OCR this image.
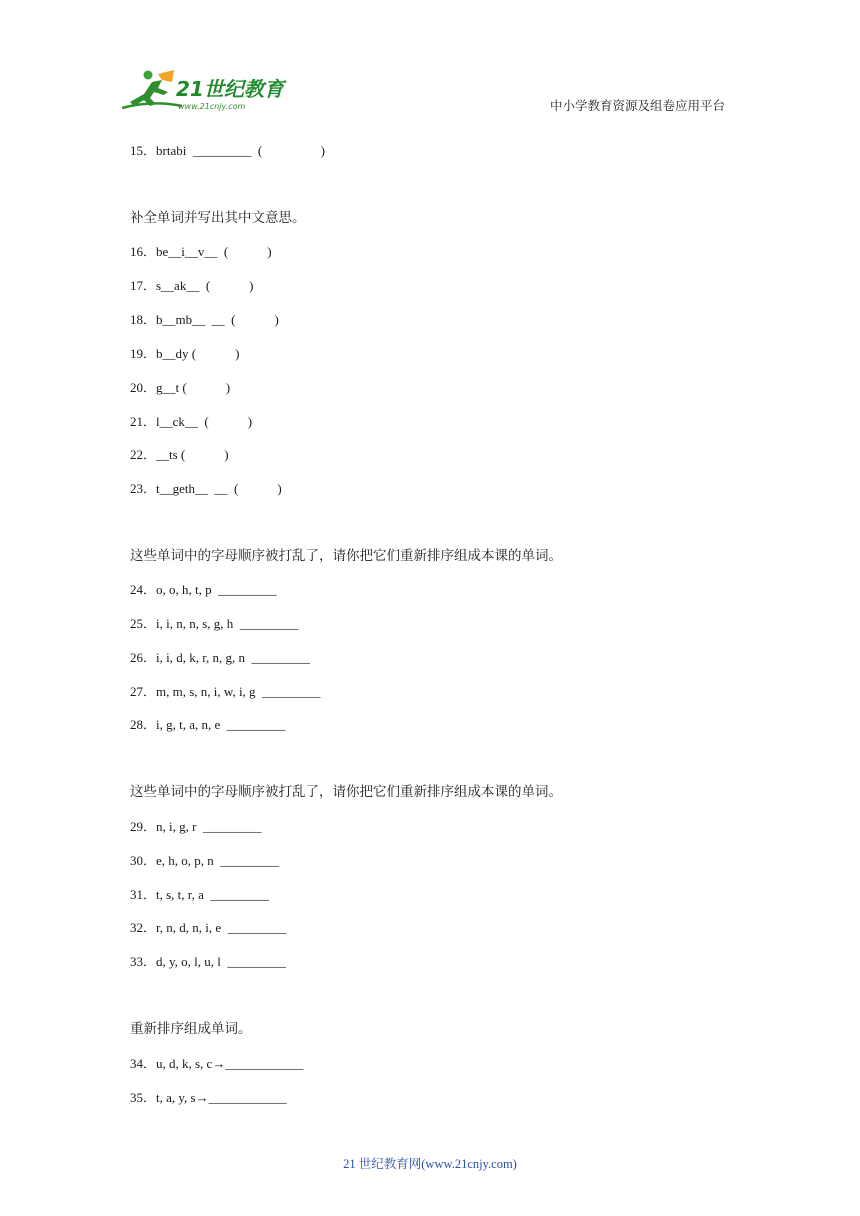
21世纪教育
www.21cnjy.com	中小学教育资源及组卷应用平台
15．brtabi  _________  (                  )
补全单词并写出其中文意思。
16．be__i__v__  (            )
17．s__ak__  (            )
18．b__mb__  __  (            )
19．b__dy (            )
20．g__t (            )
21．l__ck__  (            )
22．__ts (            )
23．t__geth__  __  (            )
这些单词中的字母顺序被打乱了，请你把它们重新排序组成本课的单词。
24．o, o, h, t, p  _________
25．i, i, n, n, s, g, h  _________
26．i, i, d, k, r, n, g, n  _________
27．m, m, s, n, i, w, i, g  _________
28．i, g, t, a, n, e  _________
这些单词中的字母顺序被打乱了，请你把它们重新排序组成本课的单词。
29．n, i, g, r  _________
30．e, h, o, p, n  _________
31．t, s, t, r, a  _________
32．r, n, d, n, i, e  _________
33．d, y, o, l, u, l  _________
重新排序组成单词。
34．u, d, k, s, c→____________
35．t, a, y, s→____________
21 世纪教育网(www.21cnjy.com)
